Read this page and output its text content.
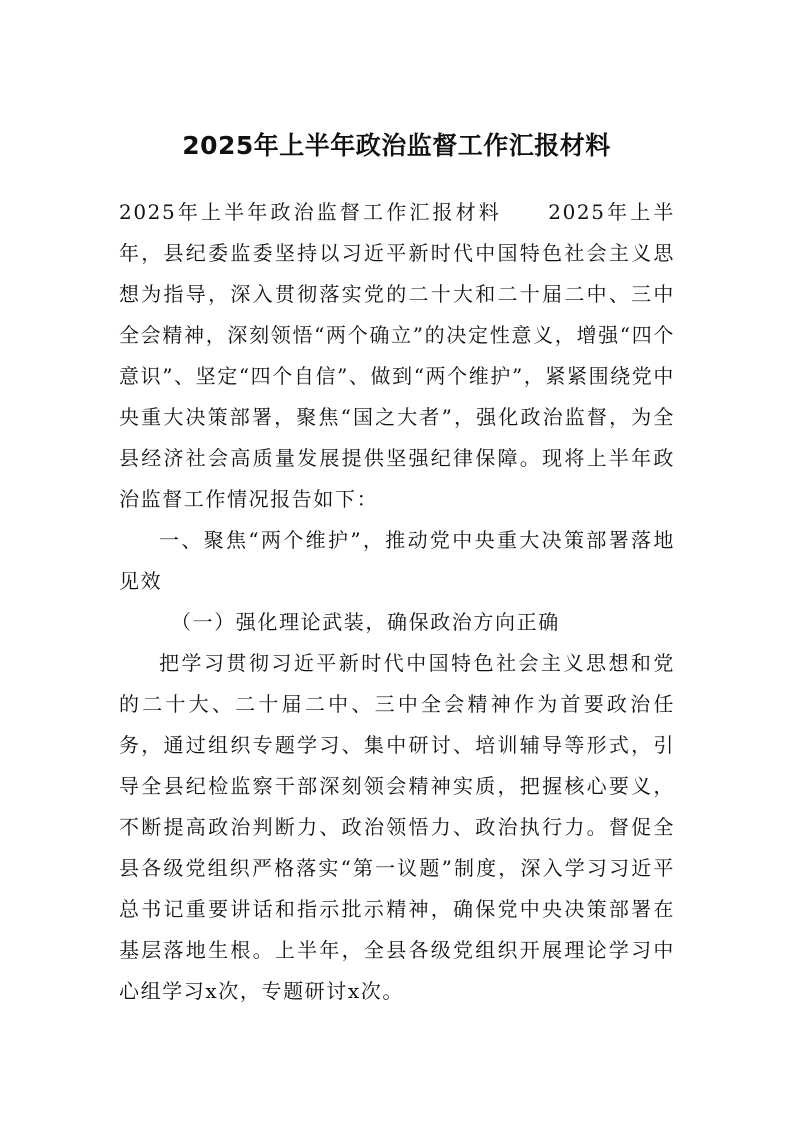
2025年上半年政治监督工作汇报材料

2025年上半年政治监督工作汇报材料　　2025年上半年，县纪委监委坚持以习近平新时代中国特色社会主义思想为指导，深入贯彻落实党的二十大和二十届二中、三中全会精神，深刻领悟“两个确立”的决定性意义，增强“四个意识”、坚定“四个自信”、做到“两个维护”，紧紧围绕党中央重大决策部署，聚焦“国之大者”，强化政治监督，为全县经济社会高质量发展提供坚强纪律保障。现将上半年政治监督工作情况报告如下：

一、聚焦“两个维护”，推动党中央重大决策部署落地见效

（一）强化理论武装，确保政治方向正确

把学习贯彻习近平新时代中国特色社会主义思想和党的二十大、二十届二中、三中全会精神作为首要政治任务，通过组织专题学习、集中研讨、培训辅导等形式，引导全县纪检监察干部深刻领会精神实质，把握核心要义，不断提高政治判断力、政治领悟力、政治执行力。督促全县各级党组织严格落实“第一议题”制度，深入学习习近平总书记重要讲话和指示批示精神，确保党中央决策部署在基层落地生根。上半年，全县各级党组织开展理论学习中心组学习x次，专题研讨x次。
